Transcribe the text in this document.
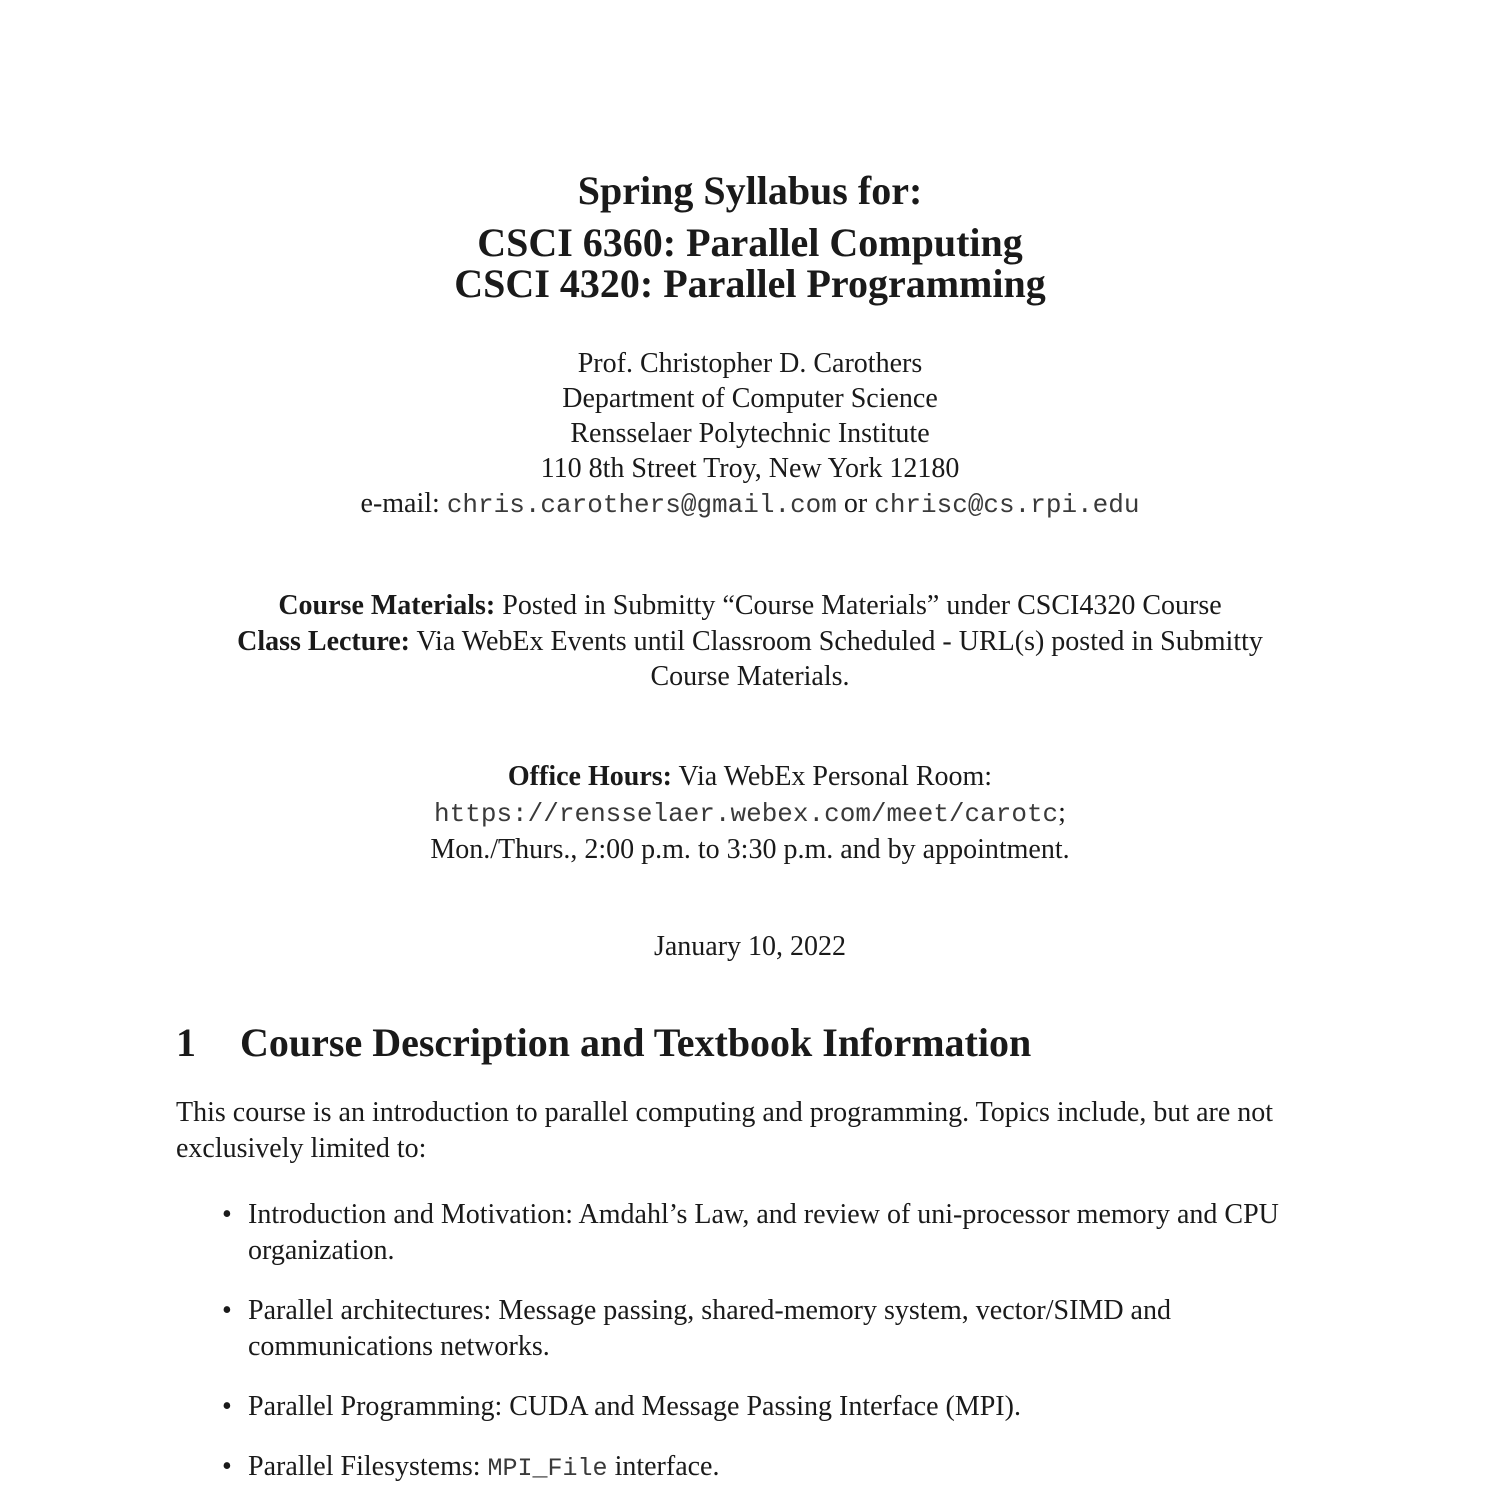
Spring Syllabus for:
CSCI 6360: Parallel Computing
CSCI 4320: Parallel Programming
Prof. Christopher D. Carothers
Department of Computer Science
Rensselaer Polytechnic Institute
110 8th Street Troy, New York 12180
e-mail: chris.carothers@gmail.com or chrisc@cs.rpi.edu
Course Materials: Posted in Submitty “Course Materials” under CSCI4320 Course
Class Lecture: Via WebEx Events until Classroom Scheduled - URL(s) posted in Submitty Course Materials.
Office Hours: Via WebEx Personal Room:
https://rensselaer.webex.com/meet/carotc;
Mon./Thurs., 2:00 p.m. to 3:30 p.m. and by appointment.
January 10, 2022
1 Course Description and Textbook Information
This course is an introduction to parallel computing and programming. Topics include, but are not exclusively limited to:
• Introduction and Motivation: Amdahl’s Law, and review of uni-processor memory and CPU organization.
• Parallel architectures: Message passing, shared-memory system, vector/SIMD and communications networks.
• Parallel Programming: CUDA and Message Passing Interface (MPI).
• Parallel Filesystems: MPI_File interface.
